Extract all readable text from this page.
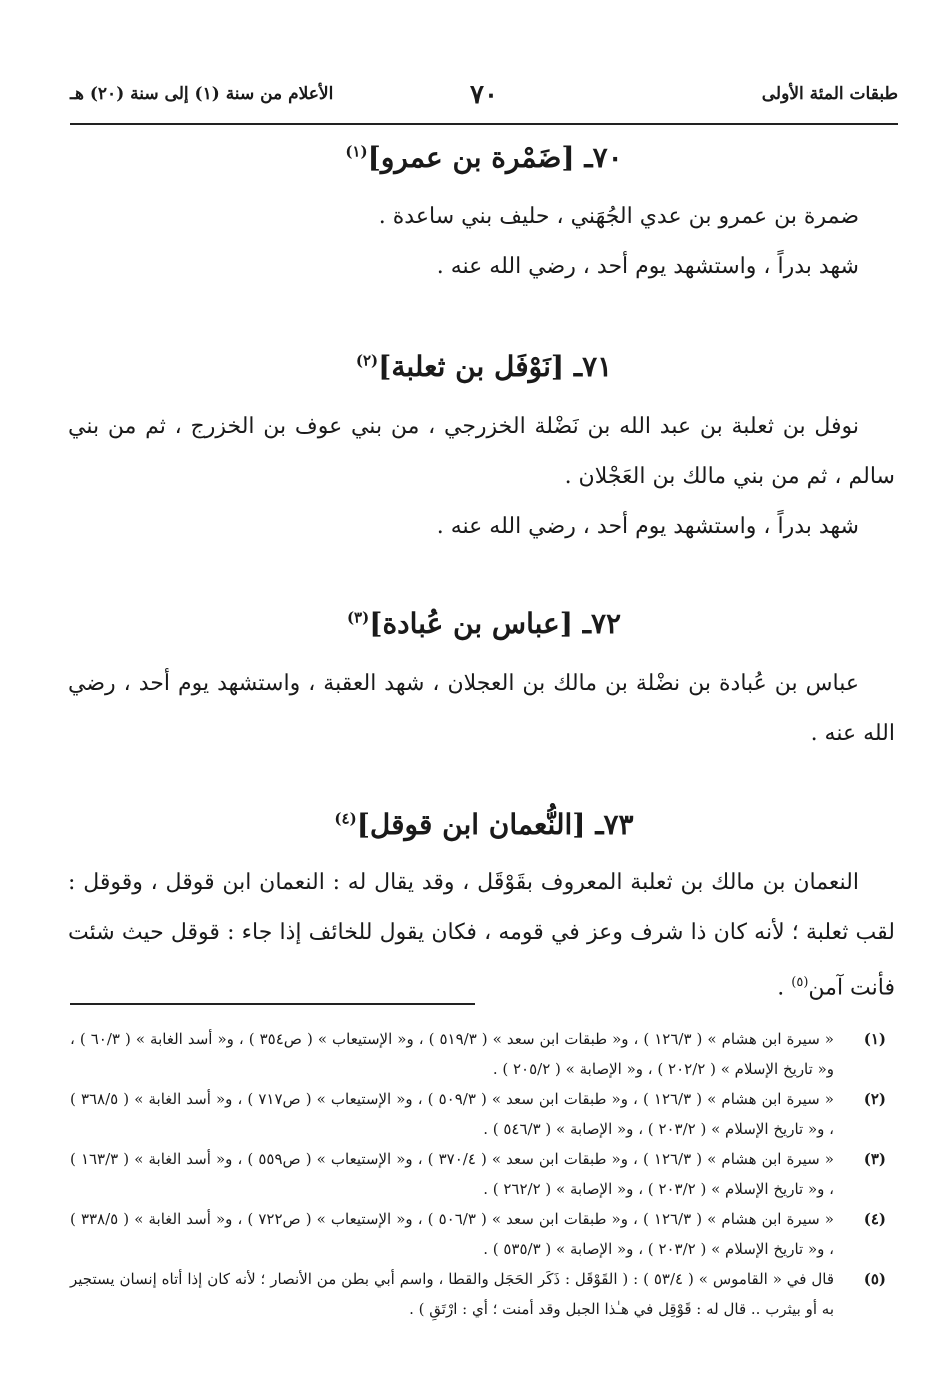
طبقات المئة الأولى
٧٠
الأعلام من سنة (١) إلى سنة (٢٠) هـ
٧٠ـ [ضَمْرة بن عمرو]$^{(١)}$

ضمرة بن عمرو بن عدي الجُهَني ، حليف بني ساعدة .

شهد بدراً ، واستشهد يوم أحد ، رضي الله عنه .

٧١ـ [نَوْفَل بن ثعلبة]$^{(٢)}$

نوفل بن ثعلبة بن عبد الله بن نَضْلة الخزرجي ، من بني عوف بن الخزرج ، ثم من بني سالم ، ثم من بني مالك بن العَجْلان .

شهد بدراً ، واستشهد يوم أحد ، رضي الله عنه .

٧٢ـ [عباس بن عُبادة]$^{(٣)}$

عباس بن عُبادة بن نضْلة بن مالك بن العجلان ، شهد العقبة ، واستشهد يوم أحد ، رضي الله عنه .

٧٣ـ [النُّعمان ابن قوقل]$^{(٤)}$

النعمان بن مالك بن ثعلبة المعروف بقَوْقَل ، وقد يقال له : النعمان ابن قوقل ، وقوقل : لقب ثعلبة ؛ لأنه كان ذا شرف وعز في قومه ، فكان يقول للخائف إذا جاء : قوقل حيث شئت فأنت آمن$^{(٥)}$ .

(١)
« سيرة ابن هشام » ( ١٢٦/٣ ) ، و« طبقات ابن سعد » ( ٥١٩/٣ ) ، و« الإستيعاب » ( ص٣٥٤ ) ، و« أسد الغابة » ( ٦٠/٣ ) ، و« تاريخ الإسلام » ( ٢٠٢/٢ ) ، و« الإصابة » ( ٢٠٥/٢ ) .

(٢)
« سيرة ابن هشام » ( ١٢٦/٣ ) ، و« طبقات ابن سعد » ( ٥٠٩/٣ ) ، و« الإستيعاب » ( ص٧١٧ ) ، و« أسد الغابة » ( ٣٦٨/٥ ) ، و« تاريخ الإسلام » ( ٢٠٣/٢ ) ، و« الإصابة » ( ٥٤٦/٣ ) .

(٣)
« سيرة ابن هشام » ( ١٢٦/٣ ) ، و« طبقات ابن سعد » ( ٣٧٠/٤ ) ، و« الإستيعاب » ( ص٥٥٩ ) ، و« أسد الغابة » ( ١٦٣/٣ ) ، و« تاريخ الإسلام » ( ٢٠٣/٢ ) ، و« الإصابة » ( ٢٦٢/٢ ) .

(٤)
« سيرة ابن هشام » ( ١٢٦/٣ ) ، و« طبقات ابن سعد » ( ٥٠٦/٣ ) ، و« الإستيعاب » ( ص٧٢٢ ) ، و« أسد الغابة » ( ٣٣٨/٥ ) ، و« تاريخ الإسلام » ( ٢٠٣/٢ ) ، و« الإصابة » ( ٥٣٥/٣ ) .

(٥)
قال في « القاموس » ( ٥٣/٤ ) : ( القَوْقَل : ذَكَر الحَجَل والقطا ، واسم أبي بطن من الأنصار ؛ لأنه كان إذا أتاه إنسان يستجير به أو بيثرب .. قال له : قَوْقِل في هـٰذا الجبل وقد أمنت ؛ أي : ارْتَقِ ) .
